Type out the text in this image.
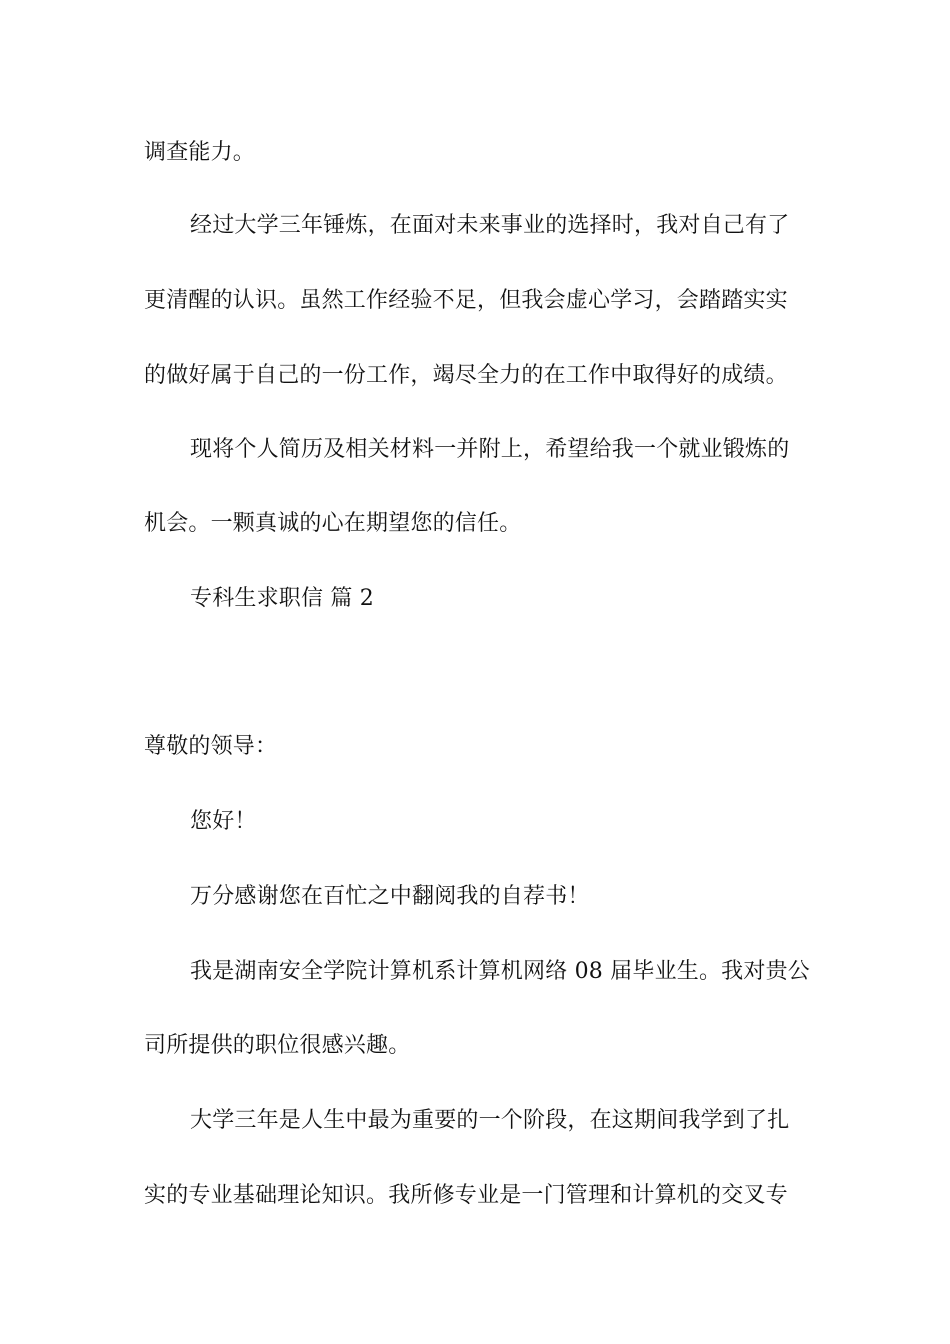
调查能力。
经过大学三年锤炼，在面对未来事业的选择时，我对自己有了
更清醒的认识。虽然工作经验不足，但我会虚心学习，会踏踏实实
的做好属于自己的一份工作，竭尽全力的在工作中取得好的成绩。
现将个人简历及相关材料一并附上，希望给我一个就业锻炼的
机会。一颗真诚的心在期望您的信任。
专科生求职信 篇 2
尊敬的领导：
您好！
万分感谢您在百忙之中翻阅我的自荐书！
我是湖南安全学院计算机系计算机网络 08 届毕业生。我对贵公
司所提供的职位很感兴趣。
大学三年是人生中最为重要的一个阶段，在这期间我学到了扎
实的专业基础理论知识。我所修专业是一门管理和计算机的交叉专
